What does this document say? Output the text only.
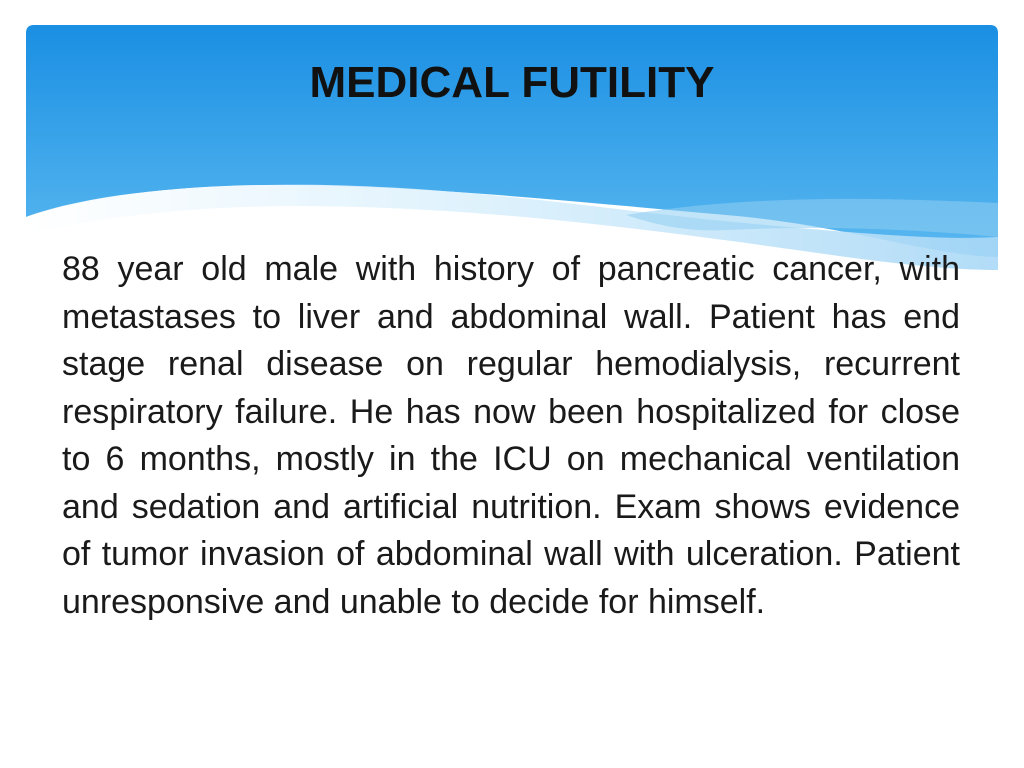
MEDICAL FUTILITY

88 year old male with history of pancreatic cancer, with metastases to liver and abdominal wall. Patient has end stage renal disease on regular hemodialysis, recurrent respiratory failure. He has now been hospitalized for close to 6 months, mostly in the ICU on mechanical ventilation and sedation and artificial nutrition. Exam shows evidence of tumor invasion of abdominal wall with ulceration. Patient unresponsive and unable to decide for himself.
